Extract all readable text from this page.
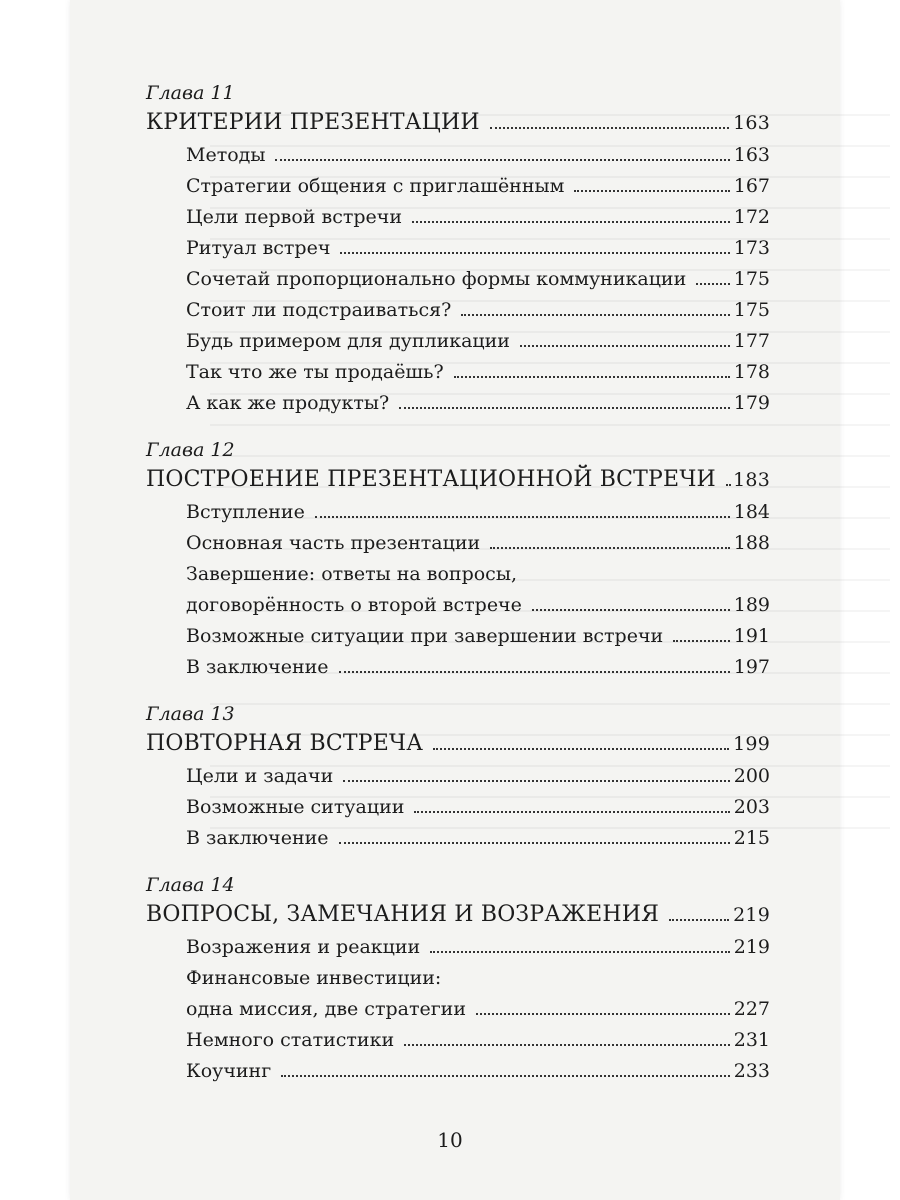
Глава 11
КРИТЕРИИ ПРЕЗЕНТАЦИИ	163
Методы	163
Стратегии общения с приглашённым	167
Цели первой встречи	172
Ритуал встреч	173
Сочетай пропорционально формы коммуникации 175
Стоит ли подстраиваться?	175
Будь примером для дупликации	177
Так что же ты продаёшь?	178
А как же продукты?	179
Глава 12
ПОСТРОЕНИЕ ПРЕЗЕНТАЦИОННОЙ ВСТРЕЧИ 183
Вступление	184
Основная часть презентации	188
Завершение: ответы на вопросы,
договорённость о второй встрече	189
Возможные ситуации при завершении встречи	191
В заключение	197
Глава 13
ПОВТОРНАЯ ВСТРЕЧА	199
Цели и задачи	200
Возможные ситуации	203
В заключение	215
Глава 14
ВОПРОСЫ, ЗАМЕЧАНИЯ И ВОЗРАЖЕНИЯ	219
Возражения и реакции	219
Финансовые инвестиции:
одна миссия, две стратегии	227
Немного статистики	231
Коучинг	233
10
